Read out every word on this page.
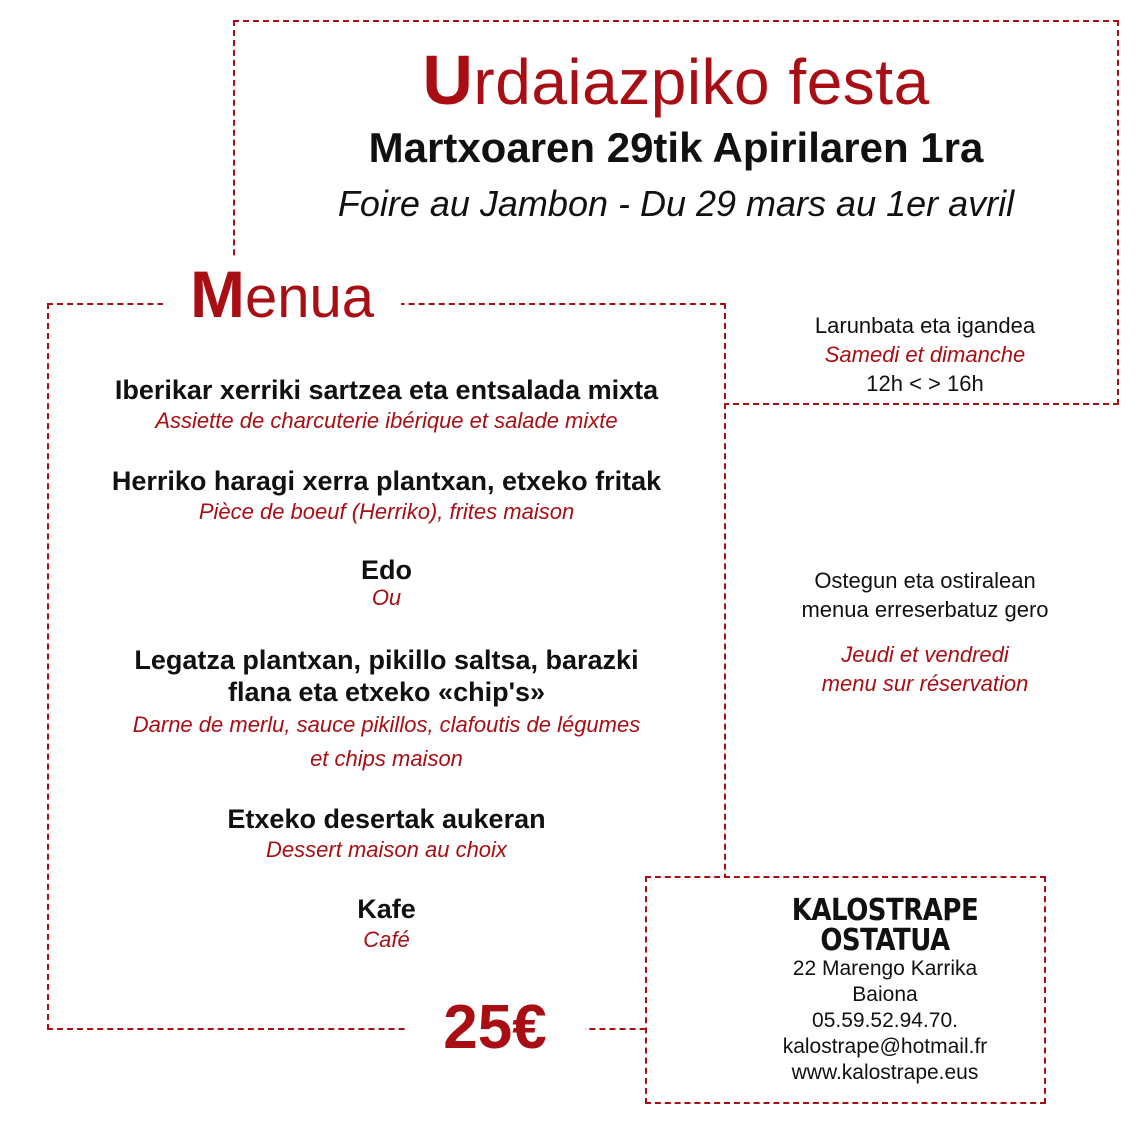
Urdaiazpiko festa
Martxoaren 29tik Apirilaren 1ra
Foire au Jambon - Du 29 mars au 1er avril
Menua
Iberikar xerriki sartzea eta entsalada mixta
Assiette de charcuterie ibérique et salade mixte
Herriko haragi xerra plantxan, etxeko fritak
Pièce de boeuf (Herriko), frites maison
Edo
Ou
Legatza plantxan, pikillo saltsa, barazki
flana eta etxeko «chip's»
Darne de merlu, sauce pikillos, clafoutis de légumes
et chips maison
Etxeko desertak aukeran
Dessert maison au choix
Kafe
Café
25€
Larunbata eta igandea
Samedi et dimanche
12h < > 16h
Ostegun eta ostiralean
menua erreserbatuz gero
Jeudi et vendredi
menu sur réservation
KALOSTRAPE OSTATUA
22 Marengo Karrika
Baiona
05.59.52.94.70.
kalostrape@hotmail.fr
www.kalostrape.eus
